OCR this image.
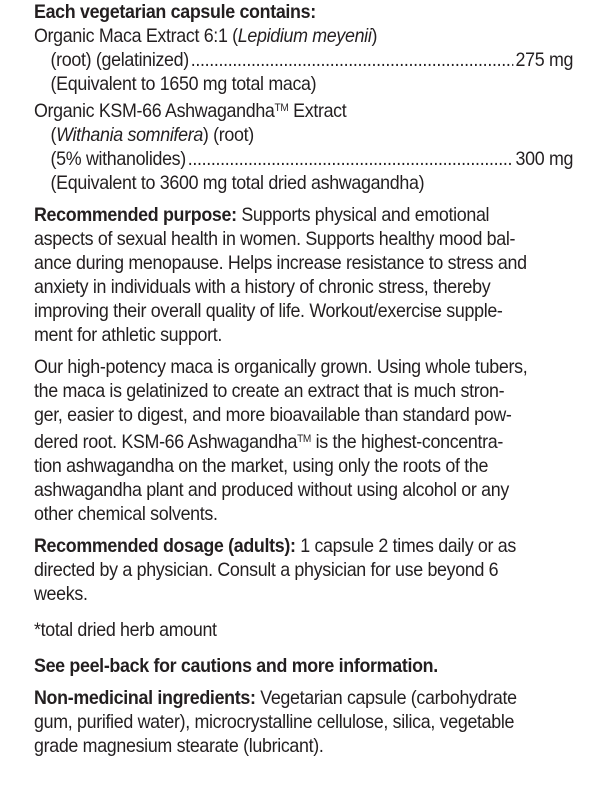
Each vegetarian capsule contains:
Organic Maca Extract 6:1 (Lepidium meyenii)
(root) (gelatinized) .....	275 mg
(Equivalent to 1650 mg total maca)
Organic KSM-66 Ashwagandha™ Extract
(Withania somnifera) (root)
(5% withanolides) .....	300 mg
(Equivalent to 3600 mg total dried ashwagandha)
Recommended purpose: Supports physical and emotional
aspects of sexual health in women. Supports healthy mood bal-
ance during menopause. Helps increase resistance to stress and
anxiety in individuals with a history of chronic stress, thereby
improving their overall quality of life. Workout/exercise supple-
ment for athletic support.
Our high-potency maca is organically grown. Using whole tubers,
the maca is gelatinized to create an extract that is much stron-
ger, easier to digest, and more bioavailable than standard pow-
dered root. KSM-66 Ashwagandha™ is the highest-concentra-
tion ashwagandha on the market, using only the roots of the
ashwagandha plant and produced without using alcohol or any
other chemical solvents.
Recommended dosage (adults): 1 capsule 2 times daily or as
directed by a physician. Consult a physician for use beyond 6
weeks.
*total dried herb amount
See peel-back for cautions and more information.
Non-medicinal ingredients: Vegetarian capsule (carbohydrate
gum, purified water), microcrystalline cellulose, silica, vegetable
grade magnesium stearate (lubricant).
